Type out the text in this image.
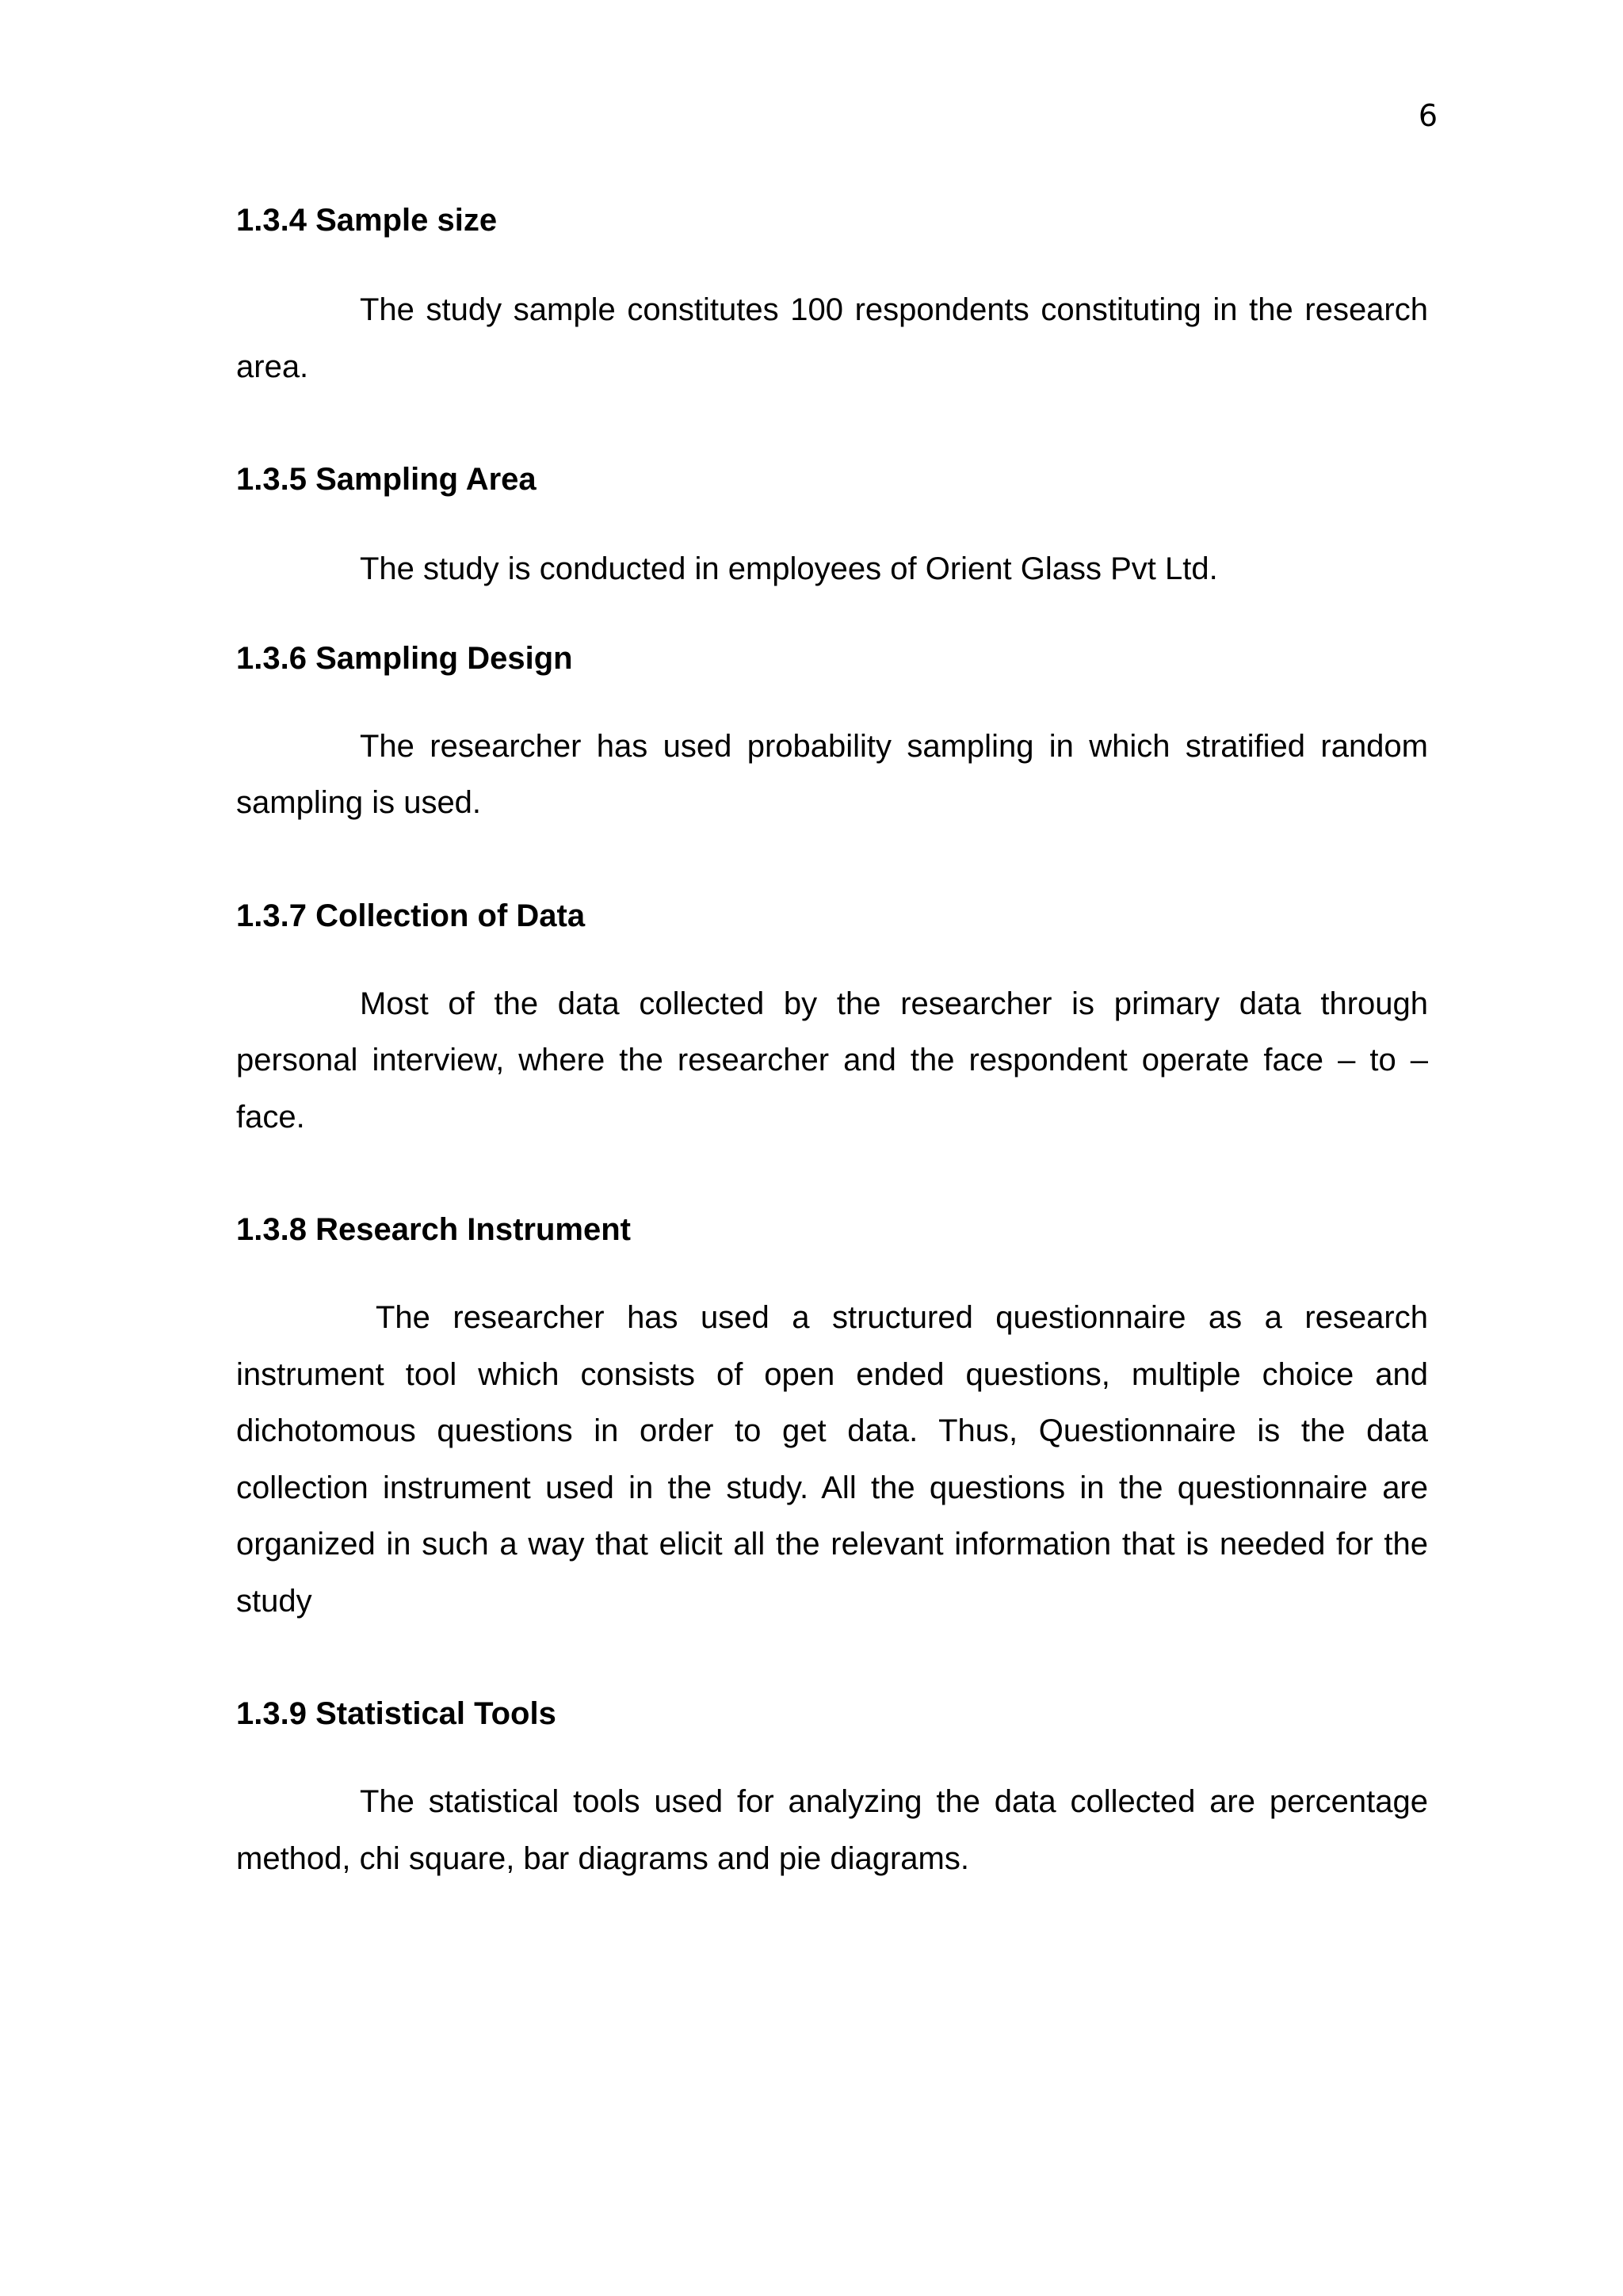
6

1.3.4 Sample size

The study sample constitutes 100 respondents constituting in the research area.

1.3.5 Sampling Area

The study is conducted in employees of Orient Glass Pvt Ltd.

1.3.6 Sampling Design

The researcher has used probability sampling in which stratified random sampling is used.

1.3.7 Collection of Data

Most of the data collected by the researcher is primary data through personal interview, where the researcher and the respondent operate face – to – face.

1.3.8 Research Instrument

The researcher has used a structured questionnaire as a research instrument tool which consists of open ended questions, multiple choice and dichotomous questions in order to get data. Thus, Questionnaire is the data collection instrument used in the study. All the questions in the questionnaire are organized in such a way that elicit all the relevant information that is needed for the study

1.3.9 Statistical Tools

The statistical tools used for analyzing the data collected are percentage method, chi square, bar diagrams and pie diagrams.
